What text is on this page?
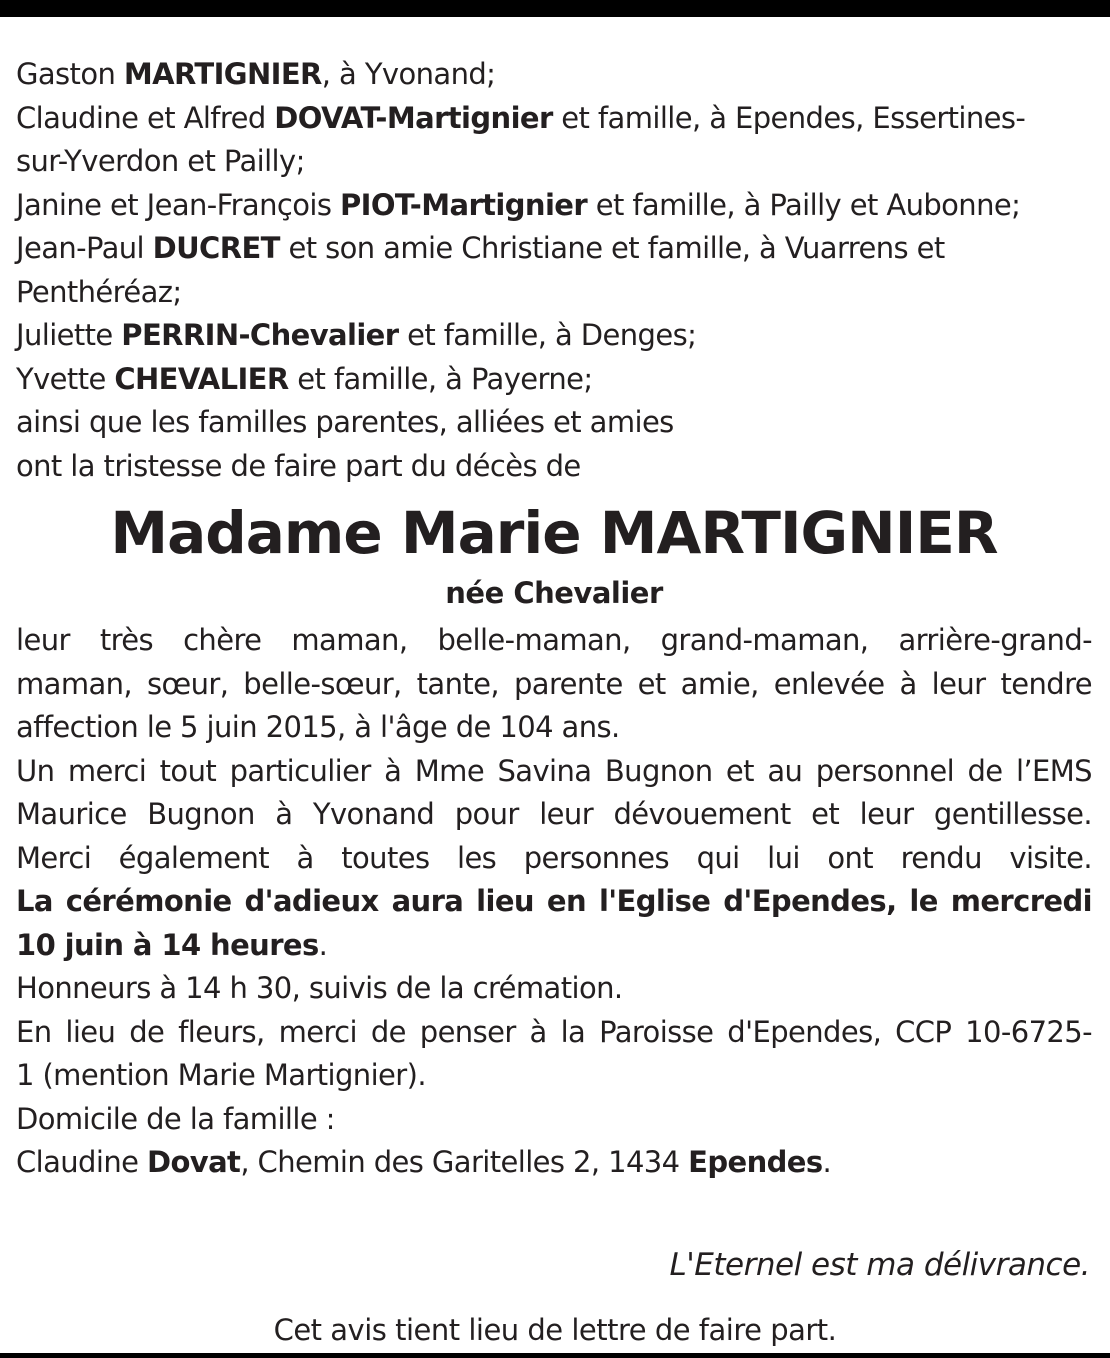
Gaston MARTIGNIER, à Yvonand;
Claudine et Alfred DOVAT-Martignier et famille, à Ependes, Essertines-
sur-Yverdon et Pailly;
Janine et Jean-François PIOT-Martignier et famille, à Pailly et Aubonne;
Jean-Paul DUCRET et son amie Christiane et famille, à Vuarrens et
Penthéréaz;
Juliette PERRIN-Chevalier et famille, à Denges;
Yvette CHEVALIER et famille, à Payerne;
ainsi que les familles parentes, alliées et amies
ont la tristesse de faire part du décès de
Madame Marie MARTIGNIER
née Chevalier
leur très chère maman, belle-maman, grand-maman, arrière-grand-
maman, sœur, belle-sœur, tante, parente et amie, enlevée à leur tendre
affection le 5 juin 2015, à l'âge de 104 ans.
Un merci tout particulier à Mme Savina Bugnon et au personnel de l’EMS
Maurice Bugnon à Yvonand pour leur dévouement et leur gentillesse.
Merci également à toutes les personnes qui lui ont rendu visite.
La cérémonie d'adieux aura lieu en l'Eglise d'Ependes, le mercredi
10 juin à 14 heures.
Honneurs à 14 h 30, suivis de la crémation.
En lieu de fleurs, merci de penser à la Paroisse d'Ependes, CCP 10-6725-
1 (mention Marie Martignier).
Domicile de la famille :
Claudine Dovat, Chemin des Garitelles 2, 1434 Ependes.
L'Eternel est ma délivrance.
Cet avis tient lieu de lettre de faire part.
